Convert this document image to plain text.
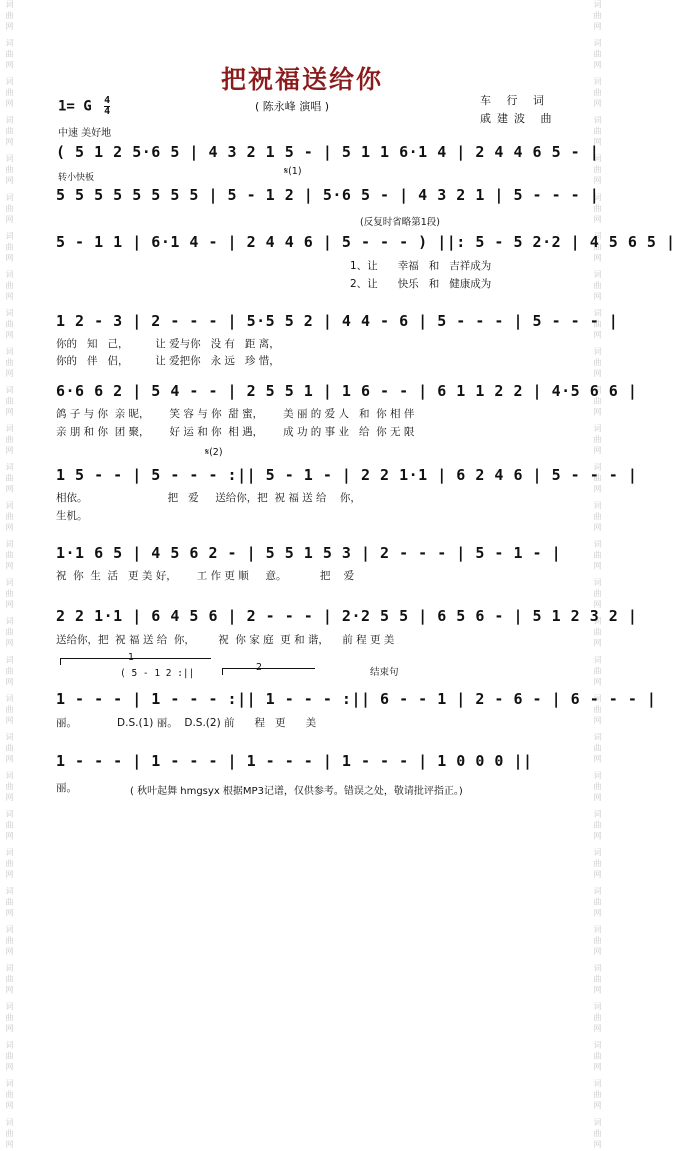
词曲网 词曲网 词曲网 词曲网 词曲网 词曲网 词曲网 词曲网 词曲网 词曲网 词曲网 词曲网 词曲网 词曲网 词曲网 词曲网 词曲网 词曲网 词曲网 词曲网 词曲网 词曲网 词曲网 词曲网 词曲网 词曲网 词曲网 词曲网 词曲网 词曲网	词曲网 词曲网 词曲网 词曲网 词曲网 词曲网 词曲网 词曲网 词曲网 词曲网 词曲网 词曲网 词曲网 词曲网 词曲网 词曲网 词曲网 词曲网 词曲网 词曲网 词曲网 词曲网 词曲网 词曲网 词曲网 词曲网 词曲网 词曲网 词曲网 词曲网
把祝福送给你
( 陈永峰 演唱 )	车 行 词
戚建波 曲
1= G $\frac{4}{4}$
中速 美好地
( 5 1 2 5·6 5 | 4 3 2 1 5 - | 5 1 1 6·1 4 | 2 4 4 6 5 - |
转小快板
𝄋(1)
5 5 5 5 5 5 5 5 | 5 - 1 2 | 5·6 5 - | 4 3 2 1 | 5 - - - |
(反复时省略第1段)
5 - 1 1 | 6·1 4 - | 2 4 4 6 | 5 - - - ) ||: 5 - 5 2·2 | 4 5 6 5 |
1、让      幸福   和   吉祥成为
2、让      快乐   和   健康成为
1 2 - 3 | 2 - - - | 5·5 5 2 | 4 4 - 6 | 5 - - - | 5 - - - |
你的   知   己，        让 爱与你   没 有   距 离，
你的   伴   侣，        让 爱把你   永 远   珍 惜，
6·6 6 2 | 5 4 - - | 2 5 5 1 | 1 6 - - | 6 1 1 2 2 | 4·5 6 6 |
鸽 子 与 你  亲 昵，      笑 容 与 你  甜 蜜，      美 丽 的 爱 人   和  你 相 伴
亲 朋 和 你  团 聚，      好 运 和 你  相 遇，      成 功 的 事 业   给  你 无 限
𝄋(2)
1 5 - - | 5 - - - :|| 5 - 1 - | 2 2 1·1 | 6 2 4 6 | 5 - - - |
相依。                        把   爱     送给你，把  祝 福 送 给    你，
生机。
1·1 6 5 | 4 5 6 2 - | 5 5 1 5 3 | 2 - - - | 5 - 1 - |
祝  你  生  活   更 美 好，      工 作 更 顺     意。          把    爱
2 2 1·1 | 6 4 5 6 | 2 - - - | 2·2 5 5 | 6 5 6 - | 5 1 2 3 2 |
送给你，把  祝 福 送 给  你，       祝  你 家 庭  更 和 谐，    前 程 更 美
1
( 5 - 1 2 :||
2	结束句
1 - - - | 1 - - - :|| 1 - - - :|| 6 - - 1 | 2 - 6 - | 6 - - - |
丽。            D.S.(1) 丽。  D.S.(2) 前      程   更      美
1 - - - | 1 - - - | 1 - - - | 1 - - - | 1 0 0 0 ||
丽。	( 秋叶起舞 hmgsyx 根据MP3记谱，仅供参考。错误之处，敬请批评指正。)
